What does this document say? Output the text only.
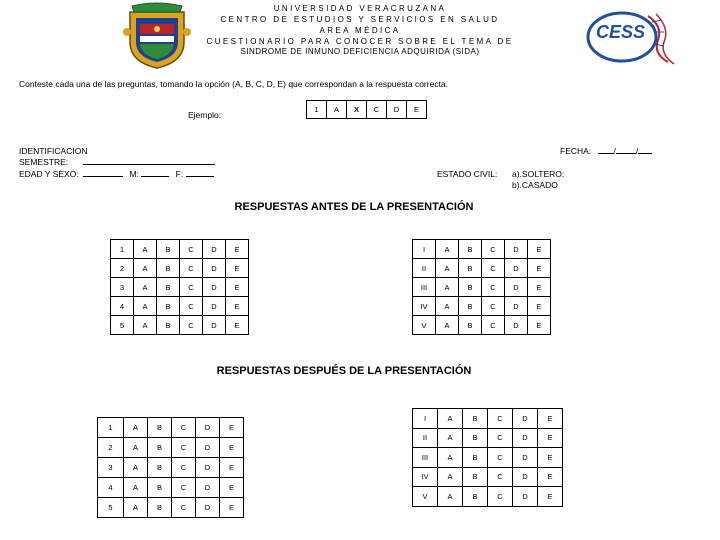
UNIVERSIDAD VERACRUZANA
CENTRO DE ESTUDIOS Y SERVICIOS EN SALUD
AREA MÉDICA
CUESTIONARIO PARA CONOCER SOBRE EL TEMA DE
SINDROME DE INMUNO DEFICIENCIA ADQUIRIDA (SIDA)
CESS
Conteste cada una de las preguntas, tomando la opción (A, B, C, D, E) que correspondan a la respuesta correcta.
Ejemplo:
1	A	X	C	D	E
IDENTIFICACION
SEMESTRE:
EDAD Y SEXO:	M:	F:
FECHA:	/ /
ESTADO CIVIL: a).SOLTERO:
b).CASADO
RESPUESTAS ANTES DE LA PRESENTACIÓN
1	A	B	C	D	E
2	A	B	C	D	E
3	A	B	C	D	E
4	A	B	C	D	E
5	A	B	C	D	E
I	A	B	C	D	E
II	A	B	C	D	E
III	A	B	C	D	E
IV	A	B	C	D	E
V	A	B	C	D	E
RESPUESTAS DESPUÉS DE LA PRESENTACIÓN
1	A	B	C	D	E
2	A	B	C	D	E
3	A	B	C	D	E
4	A	B	C	D	E
5	A	B	C	D	E
I	A	B	C	D	E
II	A	B	C	D	E
III	A	B	C	D	E
IV	A	B	C	D	E
V	A	B	C	D	E
